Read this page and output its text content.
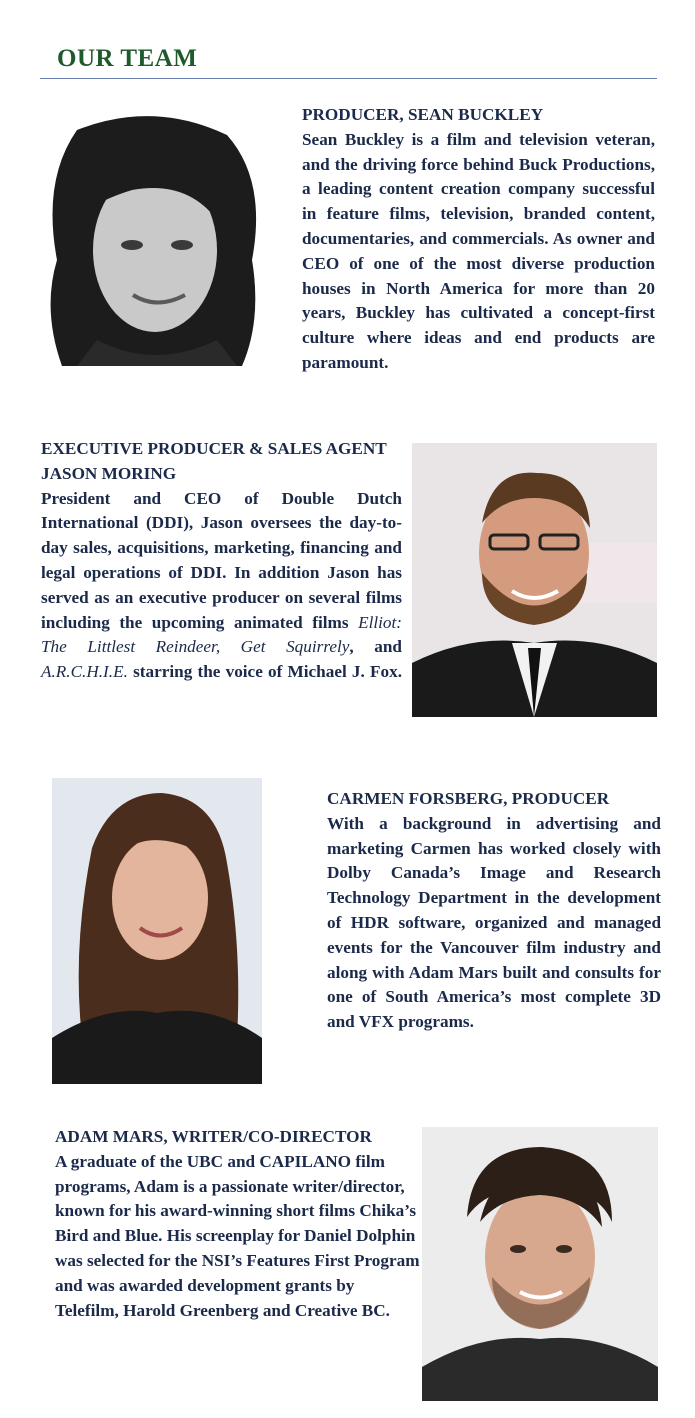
OUR TEAM
PRODUCER, SEAN BUCKLEY
Sean Buckley is a film and television veteran, and the driving force behind Buck Productions, a leading content creation company successful in feature films, television, branded content, documentaries, and commercials. As owner and CEO of one of the most diverse production houses in North America for more than 20 years, Buckley has cultivated a concept-first culture where ideas and end products are paramount.
EXECUTIVE PRODUCER & SALES AGENT
JASON MORING
President and CEO of Double Dutch International (DDI), Jason oversees the day-to-day sales, acquisitions, marketing, financing and legal operations of DDI. In addition Jason has served as an executive producer on several films including the upcoming animated films Elliot: The Littlest Reindeer, Get Squirrely, and A.R.C.H.I.E. starring the voice of Michael J. Fox.
CARMEN FORSBERG, PRODUCER
With a background in advertising and marketing Carmen has worked closely with Dolby Canada’s Image and Research Technology Department in the development of HDR software, organized and managed events for the Vancouver film industry and along with Adam Mars built and consults for one of South America’s most complete 3D and VFX programs.
ADAM MARS, WRITER/CO-DIRECTOR
A graduate of the UBC and CAPILANO film programs, Adam is a passionate writer/director, known for his award-winning short films Chika’s Bird and Blue. His screenplay for Daniel Dolphin was selected for the NSI’s Features First Program and was awarded development grants by Telefilm, Harold Greenberg and Creative BC.
